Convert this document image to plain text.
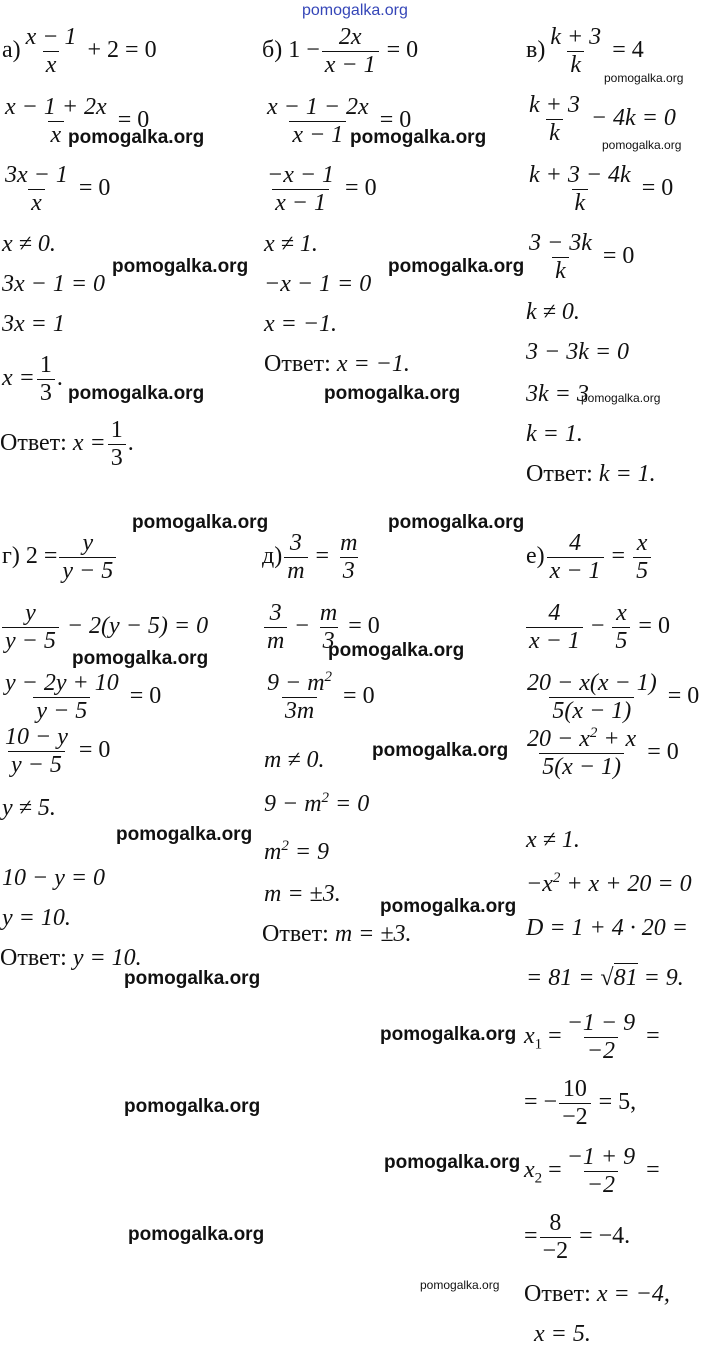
pomogalka.org
pomogalka.org	pomogalka.org
pomogalka.org
pomogalka.org
pomogalka.org	pomogalka.org
pomogalka.org	pomogalka.org	pomogalka.org
pomogalka.org	pomogalka.org
pomogalka.org	pomogalka.org
pomogalka.org
pomogalka.org
pomogalka.org
pomogalka.org
pomogalka.org
pomogalka.org
pomogalka.org
pomogalka.org
pomogalka.org
$а) \frac{x - 1}{x} + 2 = 0$
$\frac{x - 1 + 2x}{x} = 0$
$\frac{3x - 1}{x} = 0$
x ≠ 0.
3x − 1 = 0
3x = 1
$x = \frac{1}{3}$ .
Ответ: $x = \frac{1}{3}$ .
б) $1 - \frac{2x}{x - 1} = 0$
$\frac{x - 1 - 2x}{x - 1} = 0$
$\frac{-x - 1}{x - 1} = 0$
x ≠ 1.
−x − 1 = 0
x = −1.
Ответ: x = −1.
$в) \frac{k + 3}{k} = 4$
$\frac{k + 3}{k} - 4k = 0$
$\frac{k + 3 - 4k}{k} = 0$
$\frac{3 - 3k}{k} = 0$
k ≠ 0.
3 − 3k = 0
3k = 3
k = 1.
Ответ: k = 1.
г) $2 = \frac{y}{y - 5}$
$\frac{y}{y - 5} - 2(y - 5) = 0$
$\frac{y - 2y + 10}{y - 5} = 0$
$\frac{10 - y}{y - 5} = 0$
y ≠ 5.
10 − y = 0
y = 10.
Ответ: y = 10.
$д) \frac{3}{m} = \frac{m}{3}$
$\frac{3}{m} - \frac{m}{3} = 0$
$\frac{9 - m^2}{3m} = 0$
m ≠ 0.
$9 - m^2 = 0$
$m^2 = 9$
m = ±3.
Ответ: m = ±3.
$е) \frac{4}{x - 1} = \frac{x}{5}$
$\frac{4}{x - 1} - \frac{x}{5} = 0$
$\frac{20 - x(x - 1)}{5(x - 1)} = 0$
$\frac{20 - x^2 + x}{5(x - 1)} = 0$
x ≠ 1.
$-x^2 + x + 20 = 0$
D = 1 + 4 · 20 =
= 81 = √81 = 9.
$x_1 = \frac{-1 - 9}{-2}$ =
= − $\frac{10}{-2} = 5$,
$x_2 = \frac{-1 + 9}{-2}$ =
= $\frac{8}{-2} = -4$.
Ответ: x = −4,
x = 5.
